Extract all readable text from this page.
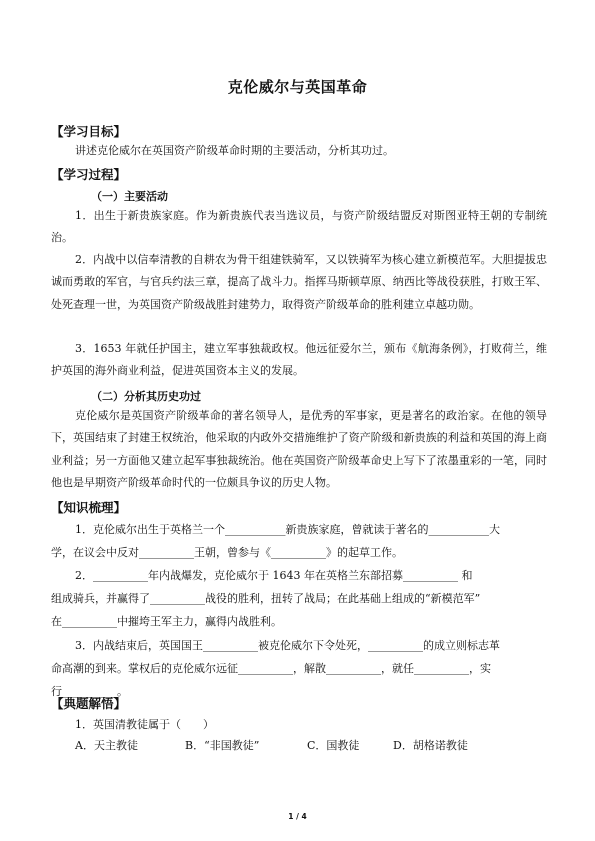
克伦威尔与英国革命
【学习目标】

讲述克伦威尔在英国资产阶级革命时期的主要活动，分析其功过。

【学习过程】
（一）主要活动

1．出生于新贵族家庭。作为新贵族代表当选议员，与资产阶级结盟反对斯图亚特王朝的专制统治。

2．内战中以信奉清教的自耕农为骨干组建铁骑军，又以铁骑军为核心建立新模范军。大胆提拔忠诚而勇敢的军官，与官兵约法三章，提高了战斗力。指挥马斯顿草原、纳西比等战役获胜，打败王军、处死查理一世，为英国资产阶级战胜封建势力，取得资产阶级革命的胜利建立卓越功勋。

3．1653 年就任护国主，建立军事独裁政权。他远征爱尔兰，颁布《航海条例》，打败荷兰，维护英国的海外商业利益，促进英国资本主义的发展。

（二）分析其历史功过

克伦威尔是英国资产阶级革命的著名领导人，是优秀的军事家，更是著名的政治家。在他的领导下，英国结束了封建王权统治，他采取的内政外交措施维护了资产阶级和新贵族的利益和英国的海上商业利益；另一方面他又建立起军事独裁统治。他在英国资产阶级革命史上写下了浓墨重彩的一笔，同时他也是早期资产阶级革命时代的一位颇具争议的历史人物。

【知识梳理】
1．克伦威尔出生于英格兰一个___________新贵族家庭，曾就读于著名的___________大
学，在议会中反对__________王朝，曾参与《__________》的起草工作。
2．__________年内战爆发，克伦威尔于 1643 年在英格兰东部招募__________ 和
组成骑兵，并赢得了__________战役的胜利，扭转了战局；在此基础上组成的“新模范军”
在__________中摧垮王军主力，赢得内战胜利。
3．内战结束后，英国国王__________被克伦威尔下令处死，__________的成立则标志革
命高潮的到来。掌权后的克伦威尔远征__________，解散__________，就任__________，实
行__________。
【典题解悟】
1．英国清教徒属于（　　）
A．天主教徒	B．“非国教徒”	C．国教徒	D．胡格诺教徒
1 / 4
